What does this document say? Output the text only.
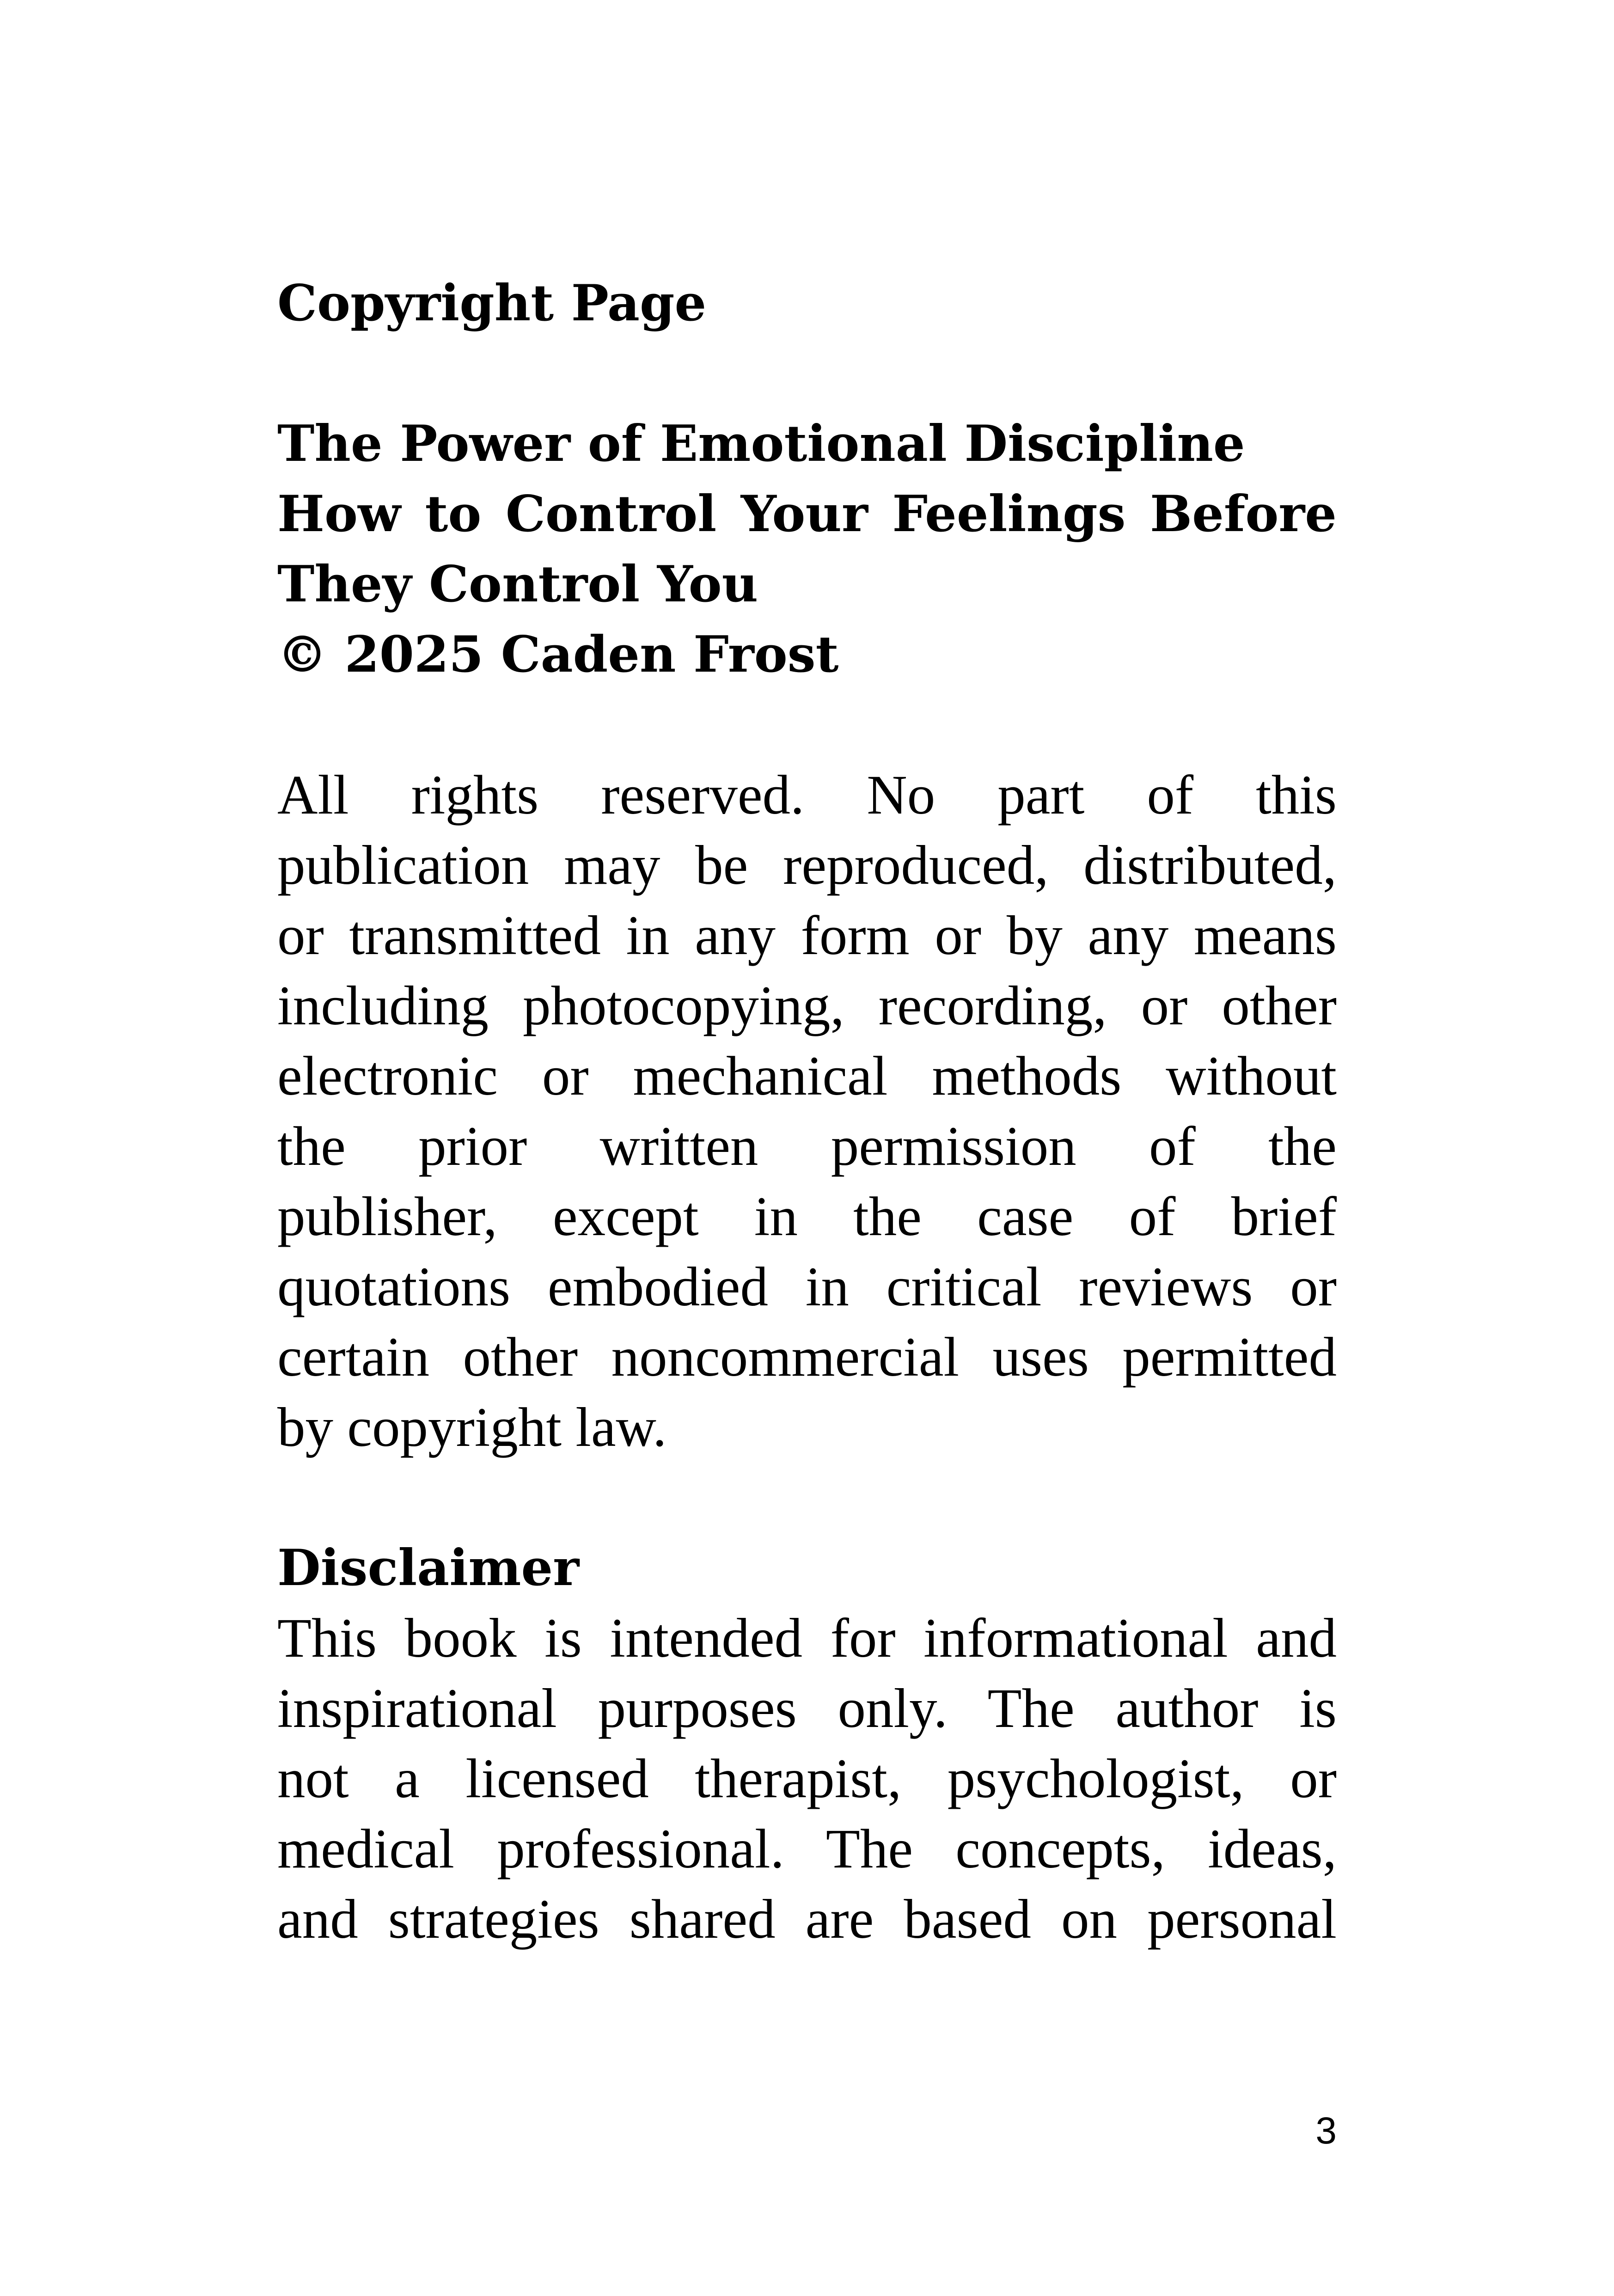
Copyright Page
The Power of Emotional Discipline
How to Control Your Feelings Before
They Control You
© 2025 Caden Frost
All rights reserved. No part of this
publication may be reproduced, distributed,
or transmitted in any form or by any means
including photocopying, recording, or other
electronic or mechanical methods without
the prior written permission of the
publisher, except in the case of brief
quotations embodied in critical reviews or
certain other noncommercial uses permitted
by copyright law.
Disclaimer
This book is intended for informational and
inspirational purposes only. The author is
not a licensed therapist, psychologist, or
medical professional. The concepts, ideas,
and strategies shared are based on personal
3
